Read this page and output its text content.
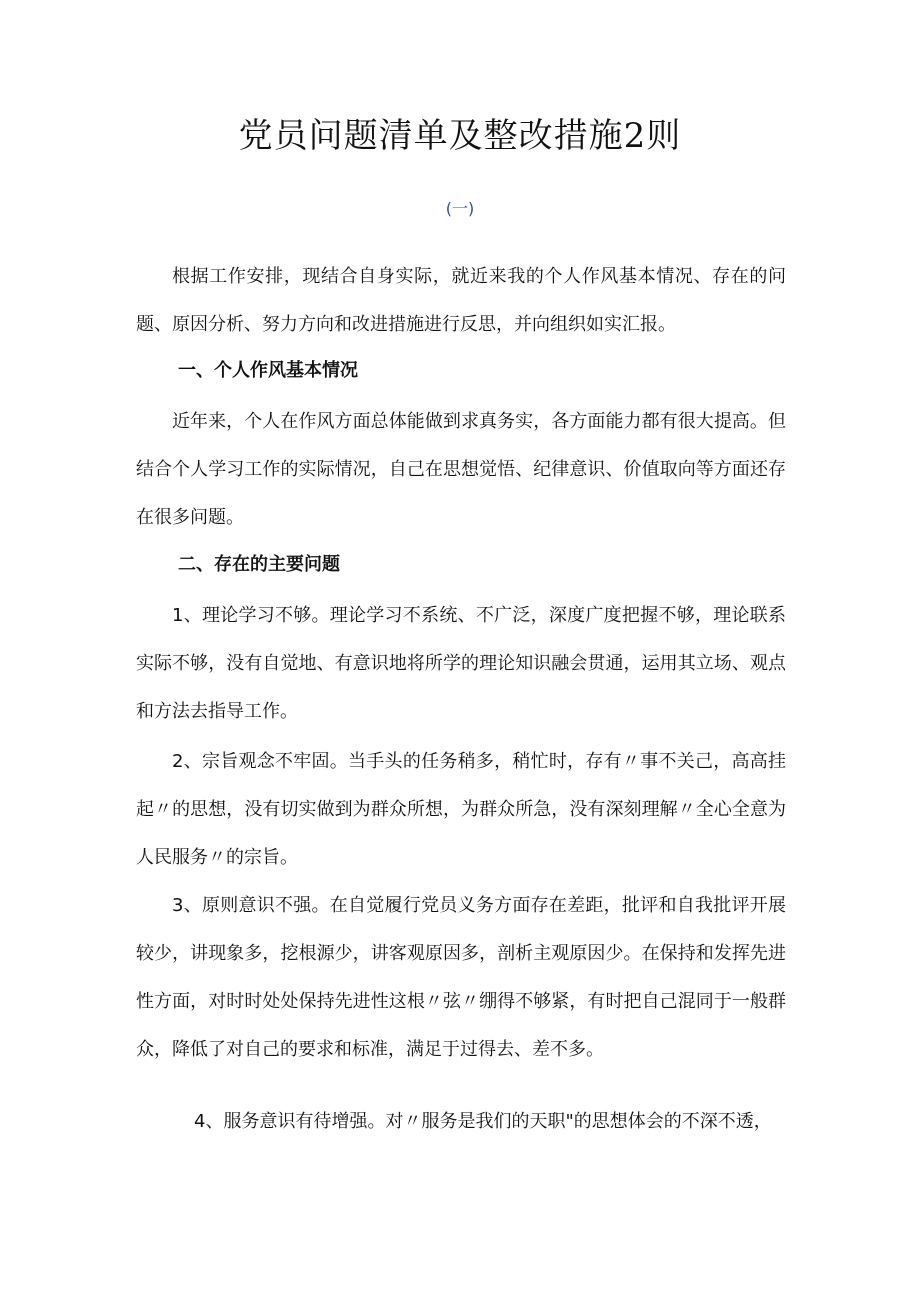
党员问题清单及整改措施2则
(一)

根据工作安排，现结合自身实际，就近来我的个人作风基本情况、存在的问题、原因分析、努力方向和改进措施进行反思，并向组织如实汇报。

一、个人作风基本情况

近年来，个人在作风方面总体能做到求真务实，各方面能力都有很大提高。但结合个人学习工作的实际情况，自己在思想觉悟、纪律意识、价值取向等方面还存在很多问题。

二、存在的主要问题

1、理论学习不够。理论学习不系统、不广泛，深度广度把握不够，理论联系实际不够，没有自觉地、有意识地将所学的理论知识融会贯通，运用其立场、观点和方法去指导工作。

2、宗旨观念不牢固。当手头的任务稍多，稍忙时，存有〃事不关己，高高挂起〃的思想，没有切实做到为群众所想，为群众所急，没有深刻理解〃全心全意为人民服务〃的宗旨。

3、原则意识不强。在自觉履行党员义务方面存在差距，批评和自我批评开展较少，讲现象多，挖根源少，讲客观原因多，剖析主观原因少。在保持和发挥先进性方面，对时时处处保持先进性这根〃弦〃绷得不够紧，有时把自己混同于一般群众，降低了对自己的要求和标准，满足于过得去、差不多。

4、服务意识有待增强。对〃服务是我们的天职"的思想体会的不深不透，
